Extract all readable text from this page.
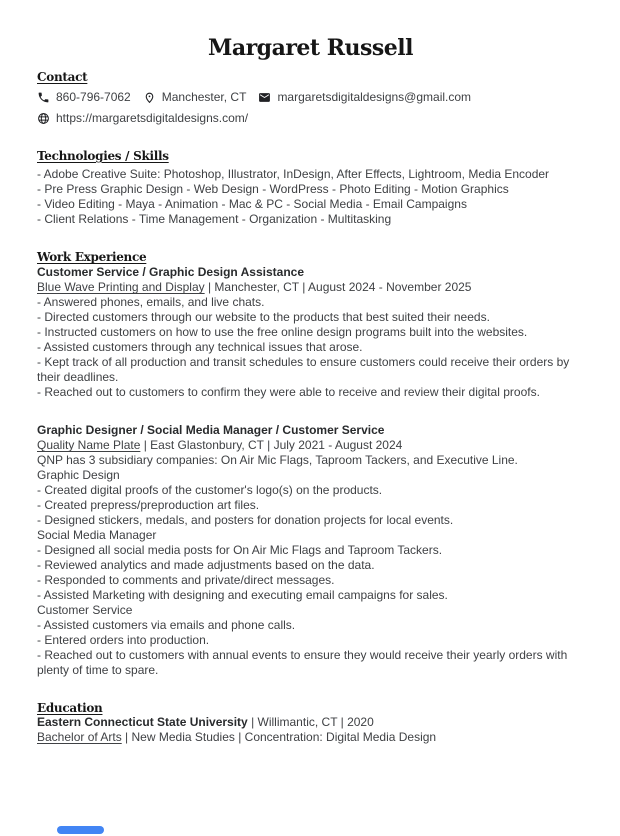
Margaret Russell
Contact
860-796-7062	Manchester, CT	margaretsdigitaldesigns@gmail.com
https://margaretsdigitaldesigns.com/
Technologies / Skills
- Adobe Creative Suite: Photoshop, Illustrator, InDesign, After Effects, Lightroom, Media Encoder
- Pre Press Graphic Design - Web Design - WordPress - Photo Editing - Motion Graphics
- Video Editing - Maya - Animation - Mac & PC - Social Media - Email Campaigns
- Client Relations - Time Management - Organization - Multitasking
Work Experience
Customer Service / Graphic Design Assistance
Blue Wave Printing and Display | Manchester, CT | August 2024 - November 2025
- Answered phones, emails, and live chats.
- Directed customers through our website to the products that best suited their needs.
- Instructed customers on how to use the free online design programs built into the websites.
- Assisted customers through any technical issues that arose.
- Kept track of all production and transit schedules to ensure customers could receive their orders by their deadlines.
- Reached out to customers to confirm they were able to receive and review their digital proofs.
Graphic Designer / Social Media Manager / Customer Service
Quality Name Plate | East Glastonbury, CT | July 2021 - August 2024
QNP has 3 subsidiary companies: On Air Mic Flags, Taproom Tackers, and Executive Line.
Graphic Design
- Created digital proofs of the customer's logo(s) on the products.
- Created prepress/preproduction art files.
- Designed stickers, medals, and posters for donation projects for local events.
Social Media Manager
- Designed all social media posts for On Air Mic Flags and Taproom Tackers.
- Reviewed analytics and made adjustments based on the data.
- Responded to comments and private/direct messages.
- Assisted Marketing with designing and executing email campaigns for sales.
Customer Service
- Assisted customers via emails and phone calls.
- Entered orders into production.
- Reached out to customers with annual events to ensure they would receive their yearly orders with plenty of time to spare.
Education
Eastern Connecticut State University | Willimantic, CT | 2020
Bachelor of Arts | New Media Studies | Concentration: Digital Media Design
